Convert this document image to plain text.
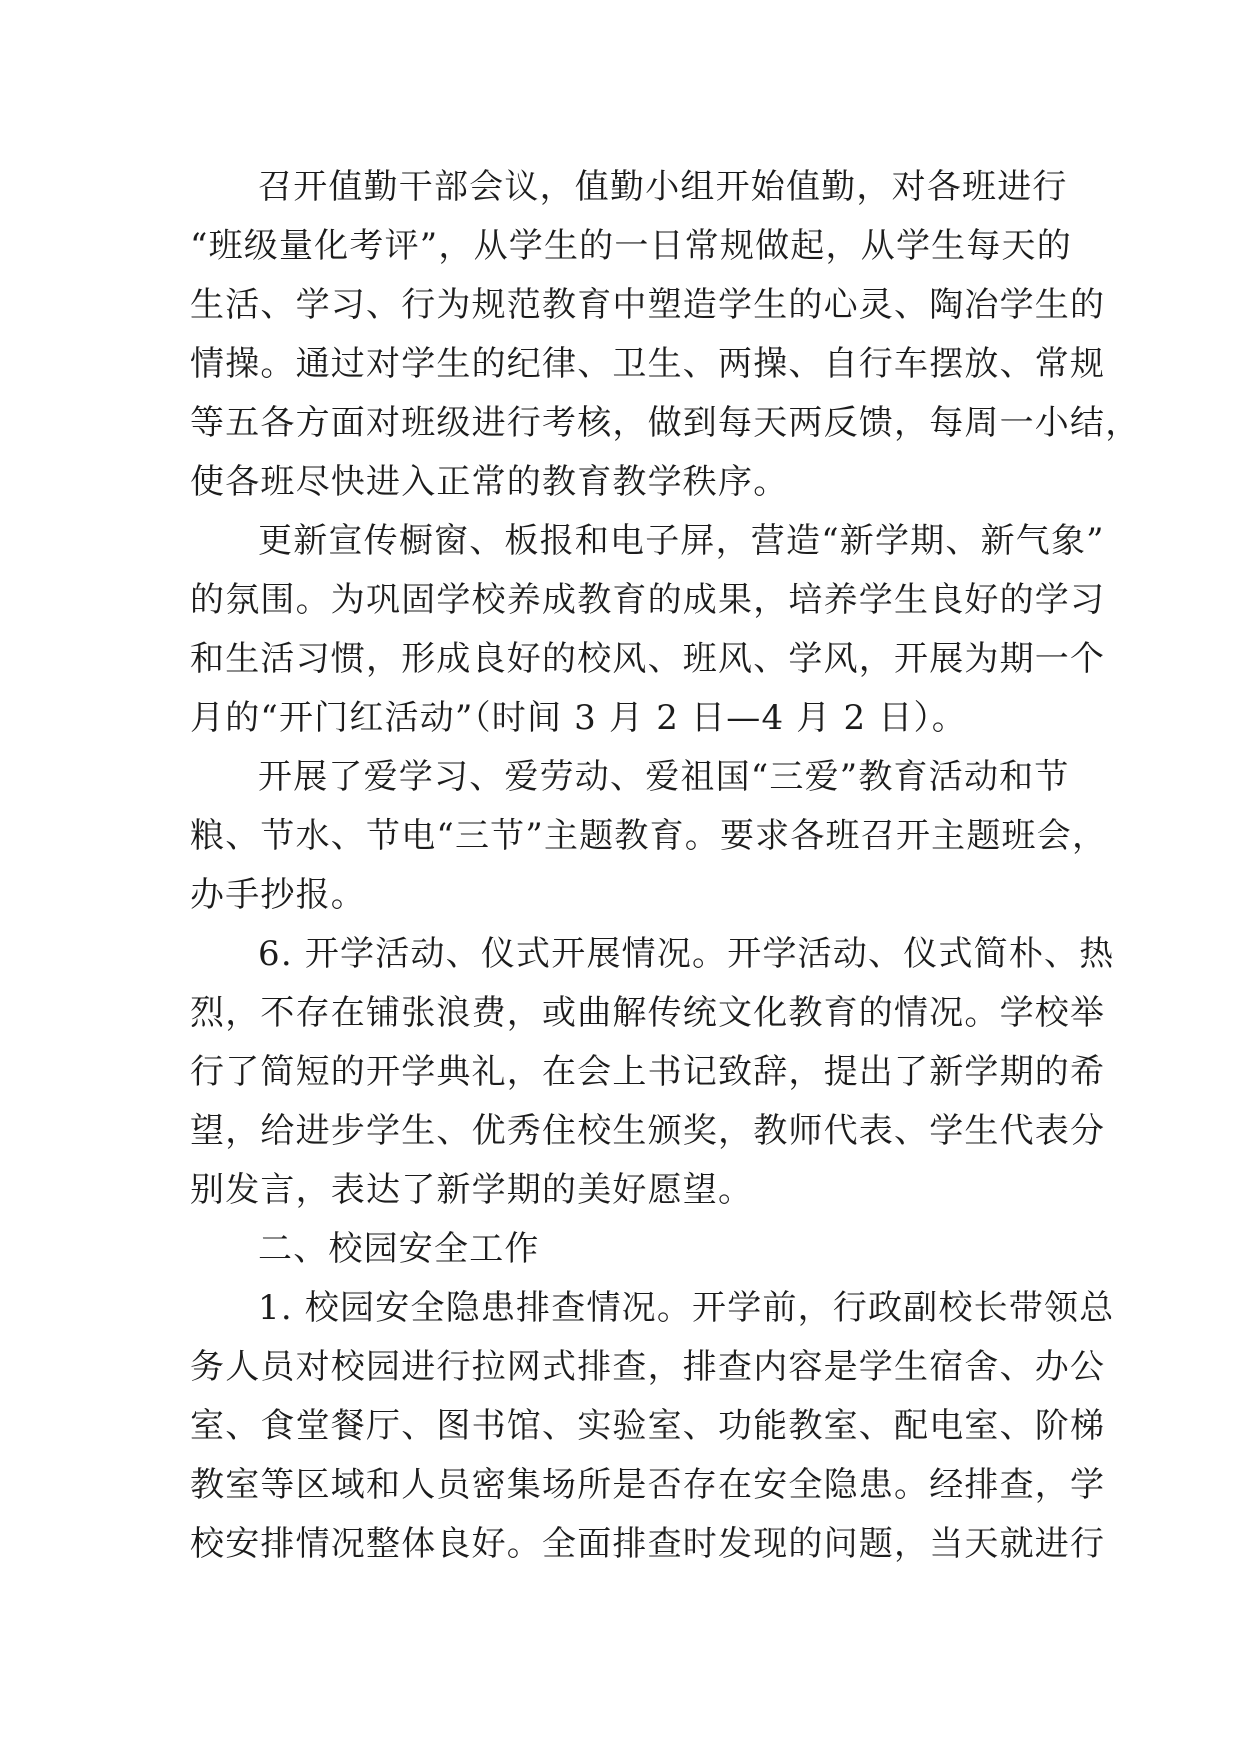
召开值勤干部会议，值勤小组开始值勤，对各班进行
“班级量化考评”，从学生的一日常规做起，从学生每天的
生活、学习、行为规范教育中塑造学生的心灵、陶冶学生的
情操。通过对学生的纪律、卫生、两操、自行车摆放、常规
等五各方面对班级进行考核，做到每天两反馈，每周一小结，
使各班尽快进入正常的教育教学秩序。
更新宣传橱窗、板报和电子屏，营造“新学期、新气象”
的氛围。为巩固学校养成教育的成果，培养学生良好的学习
和生活习惯，形成良好的校风、班风、学风，开展为期一个
月的“开门红活动”（时间 3 月 2 日—4 月 2 日）。
开展了爱学习、爱劳动、爱祖国“三爱”教育活动和节
粮、节水、节电“三节”主题教育。要求各班召开主题班会，
办手抄报。
6. 开学活动、仪式开展情况。开学活动、仪式简朴、热
烈，不存在铺张浪费，或曲解传统文化教育的情况。学校举
行了简短的开学典礼，在会上书记致辞，提出了新学期的希
望，给进步学生、优秀住校生颁奖，教师代表、学生代表分
别发言，表达了新学期的美好愿望。
二、校园安全工作
1. 校园安全隐患排查情况。开学前，行政副校长带领总
务人员对校园进行拉网式排查，排查内容是学生宿舍、办公
室、食堂餐厅、图书馆、实验室、功能教室、配电室、阶梯
教室等区域和人员密集场所是否存在安全隐患。经排查，学
校安排情况整体良好。全面排查时发现的问题，当天就进行
